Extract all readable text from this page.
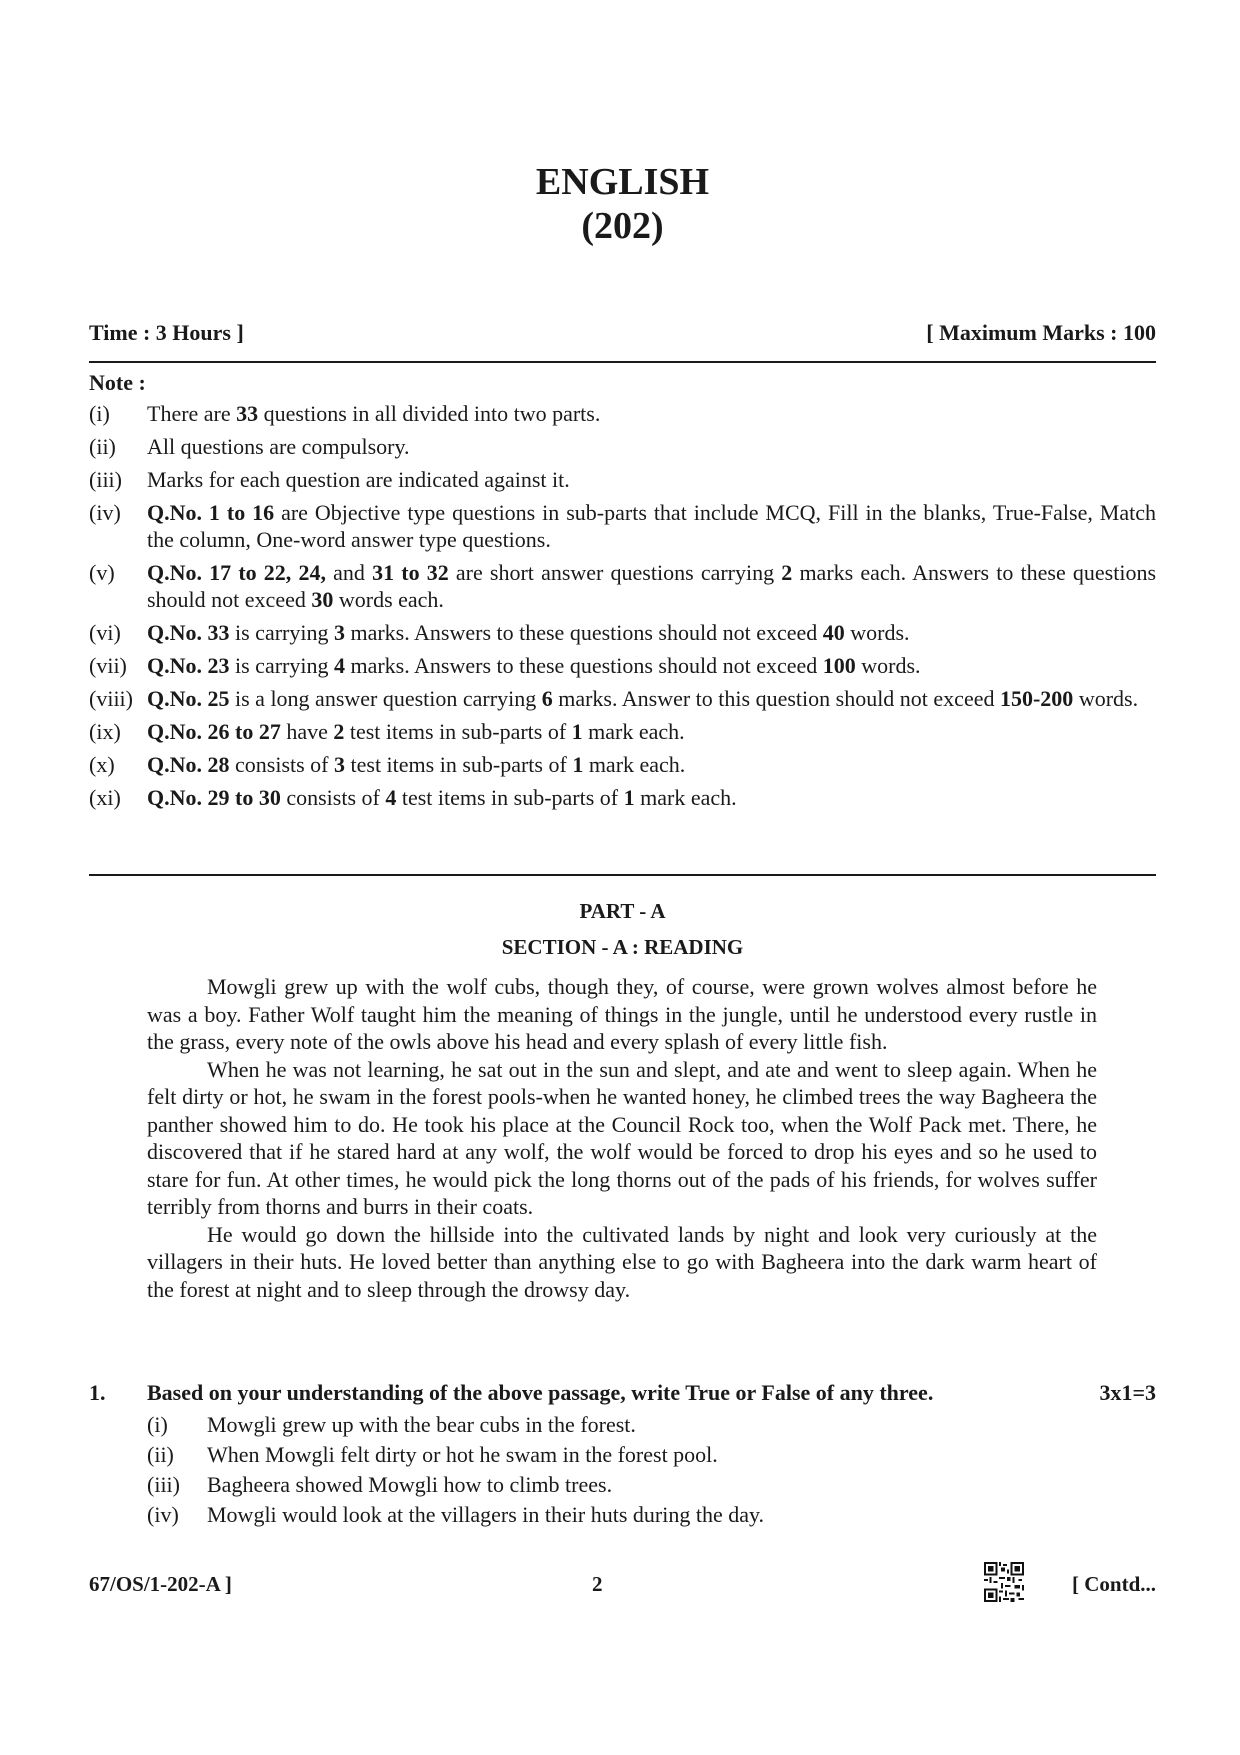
ENGLISH
(202)
Time : 3 Hours ]	[ Maximum Marks : 100
Note :
(i)	There are 33 questions in all divided into two parts.
(ii)	All questions are compulsory.
(iii)	Marks for each question are indicated against it.
(iv)	Q.No. 1 to 16 are Objective type questions in sub-parts that include MCQ, Fill in the blanks, True-False, Match the column, One-word answer type questions.
(v)	Q.No. 17 to 22, 24, and 31 to 32 are short answer questions carrying 2 marks each. Answers to these questions should not exceed 30 words each.
(vi)	Q.No. 33 is carrying 3 marks. Answers to these questions should not exceed 40 words.
(vii) Q.No. 23 is carrying 4 marks. Answers to these questions should not exceed 100 words.
(viii) Q.No. 25 is a long answer question carrying 6 marks. Answer to this question should not exceed 150-200 words.
(ix)	Q.No. 26 to 27 have 2 test items in sub-parts of 1 mark each.
(x)	Q.No. 28 consists of 3 test items in sub-parts of 1 mark each.
(xi)	Q.No. 29 to 30 consists of 4 test items in sub-parts of 1 mark each.
PART - A
SECTION - A : READING

Mowgli grew up with the wolf cubs, though they, of course, were grown wolves almost before he was a boy. Father Wolf taught him the meaning of things in the jungle, until he understood every rustle in the grass, every note of the owls above his head and every splash of every little fish.

When he was not learning, he sat out in the sun and slept, and ate and went to sleep again. When he felt dirty or hot, he swam in the forest pools-when he wanted honey, he climbed trees the way Bagheera the panther showed him to do. He took his place at the Council Rock too, when the Wolf Pack met. There, he discovered that if he stared hard at any wolf, the wolf would be forced to drop his eyes and so he used to stare for fun. At other times, he would pick the long thorns out of the pads of his friends, for wolves suffer terribly from thorns and burrs in their coats.

He would go down the hillside into the cultivated lands by night and look very curiously at the villagers in their huts. He loved better than anything else to go with Bagheera into the dark warm heart of the forest at night and to sleep through the drowsy day.

1.	Based on your understanding of the above passage, write True or False of any three.	3x1=3
(i)	Mowgli grew up with the bear cubs in the forest.
(ii)	When Mowgli felt dirty or hot he swam in the forest pool.
(iii)	Bagheera showed Mowgli how to climb trees.
(iv)	Mowgli would look at the villagers in their huts during the day.
67/OS/1-202-A ]	2	[ Contd...
